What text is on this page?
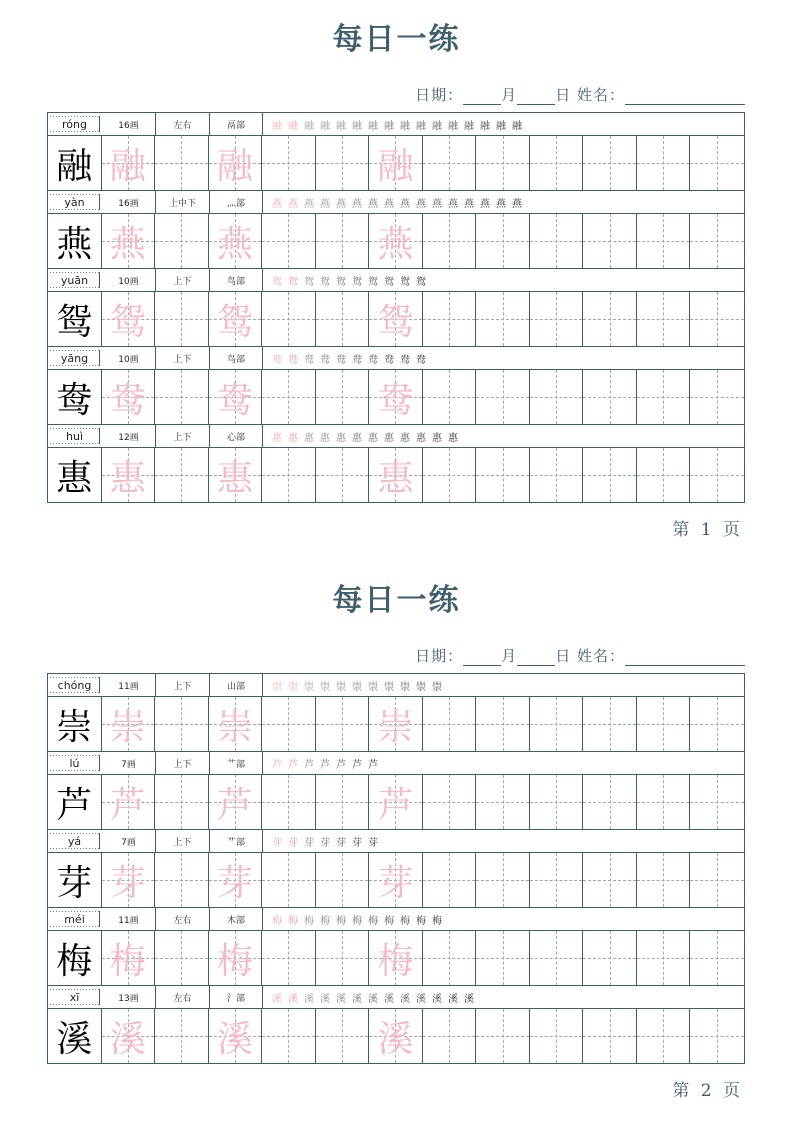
每日一练
日期：	月	日 姓名：
róng	16画	左右	鬲部	融 融 融 融 融 融 融 融 融 融 融 融 融 融 融 融
融 融 融	融
yàn	16画	上中下	灬部	燕 燕 燕 燕 燕 燕 燕 燕 燕 燕 燕 燕 燕 燕 燕 燕
燕 燕 燕	燕
yuān	10画	上下	鸟部	鸳 鸳 鸳 鸳 鸳 鸳 鸳 鸳 鸳 鸳
鸳 鸳 鸳	鸳
yāng	10画	上下	鸟部	鸯 鸯 鸯 鸯 鸯 鸯 鸯 鸯 鸯 鸯
鸯 鸯 鸯	鸯
huì	12画	上下	心部	惠 惠 惠 惠 惠 惠 惠 惠 惠 惠 惠 惠
惠 惠 惠	惠
第 1 页
每日一练
日期：	月	日 姓名：
chóng	11画	上下	山部	崇 崇 崇 崇 崇 崇 崇 崇 崇 崇 崇
崇 崇 崇	崇
lú	7画	上下	艹部	芦 芦 芦 芦 芦 芦 芦
芦 芦 芦	芦
yá	7画	上下	艹部	芽 芽 芽 芽 芽 芽 芽
芽 芽 芽	芽
méi	11画	左右	木部	梅 梅 梅 梅 梅 梅 梅 梅 梅 梅 梅
梅 梅 梅	梅
xī	13画	左右	氵部	溪 溪 溪 溪 溪 溪 溪 溪 溪 溪 溪 溪 溪
溪 溪 溪	溪
第 2 页
